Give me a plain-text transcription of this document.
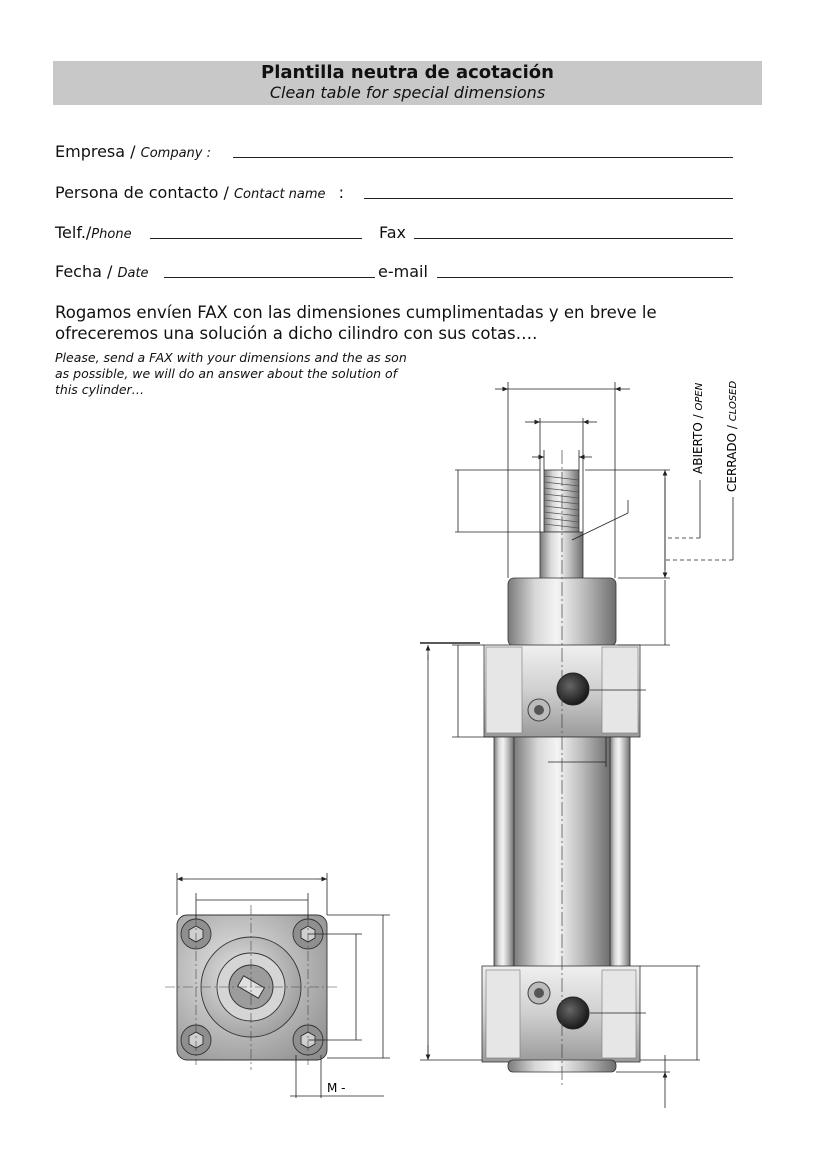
Plantilla neutra de acotación
Clean table for special dimensions
Empresa / Company :
Persona de contacto / Contact name :
Telf./Phone	Fax
Fecha / Date	e-mail
Rogamos envíen FAX con las dimensiones cumplimentadas y en breve le ofreceremos una solución a dicho cilindro con sus cotas….
Please, send a FAX with your dimensions and the as son as possible, we will do an answer about the solution of this cylinder…
M -
ABIERTO / OPEN
CERRADO / CLOSED
